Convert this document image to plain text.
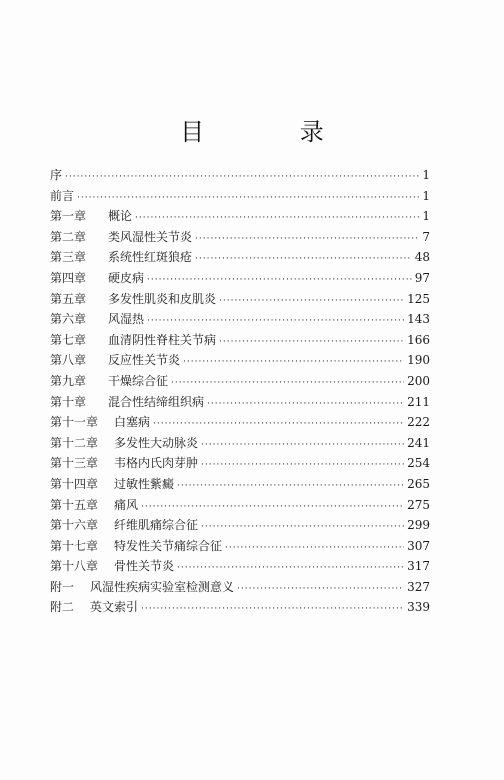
目 录
序 ·····	1
前言 ·····	1
第一章	概论 ·····	1
第二章	类风湿性关节炎 ·····	7
第三章	系统性红斑狼疮 ·····	48
第四章	硬皮病 ·····	97
第五章	多发性肌炎和皮肌炎 ·····	125
第六章	风湿热 ·····	143
第七章	血清阴性脊柱关节病 ·····	166
第八章	反应性关节炎 ·····	190
第九章	干燥综合征 ·····	200
第十章	混合性结缔组织病 ·····	211
第十一章	白塞病 ·····	222
第十二章	多发性大动脉炎 ·····	241
第十三章	韦格内氏肉芽肿 ·····	254
第十四章	过敏性紫癜 ·····	265
第十五章	痛风 ·····	275
第十六章	纤维肌痛综合征 ·····	299
第十七章	特发性关节痛综合征 ·····	307
第十八章	骨性关节炎 ·····	317
附一	风湿性疾病实验室检测意义 ·····	327
附二	英文索引 ·····	339
